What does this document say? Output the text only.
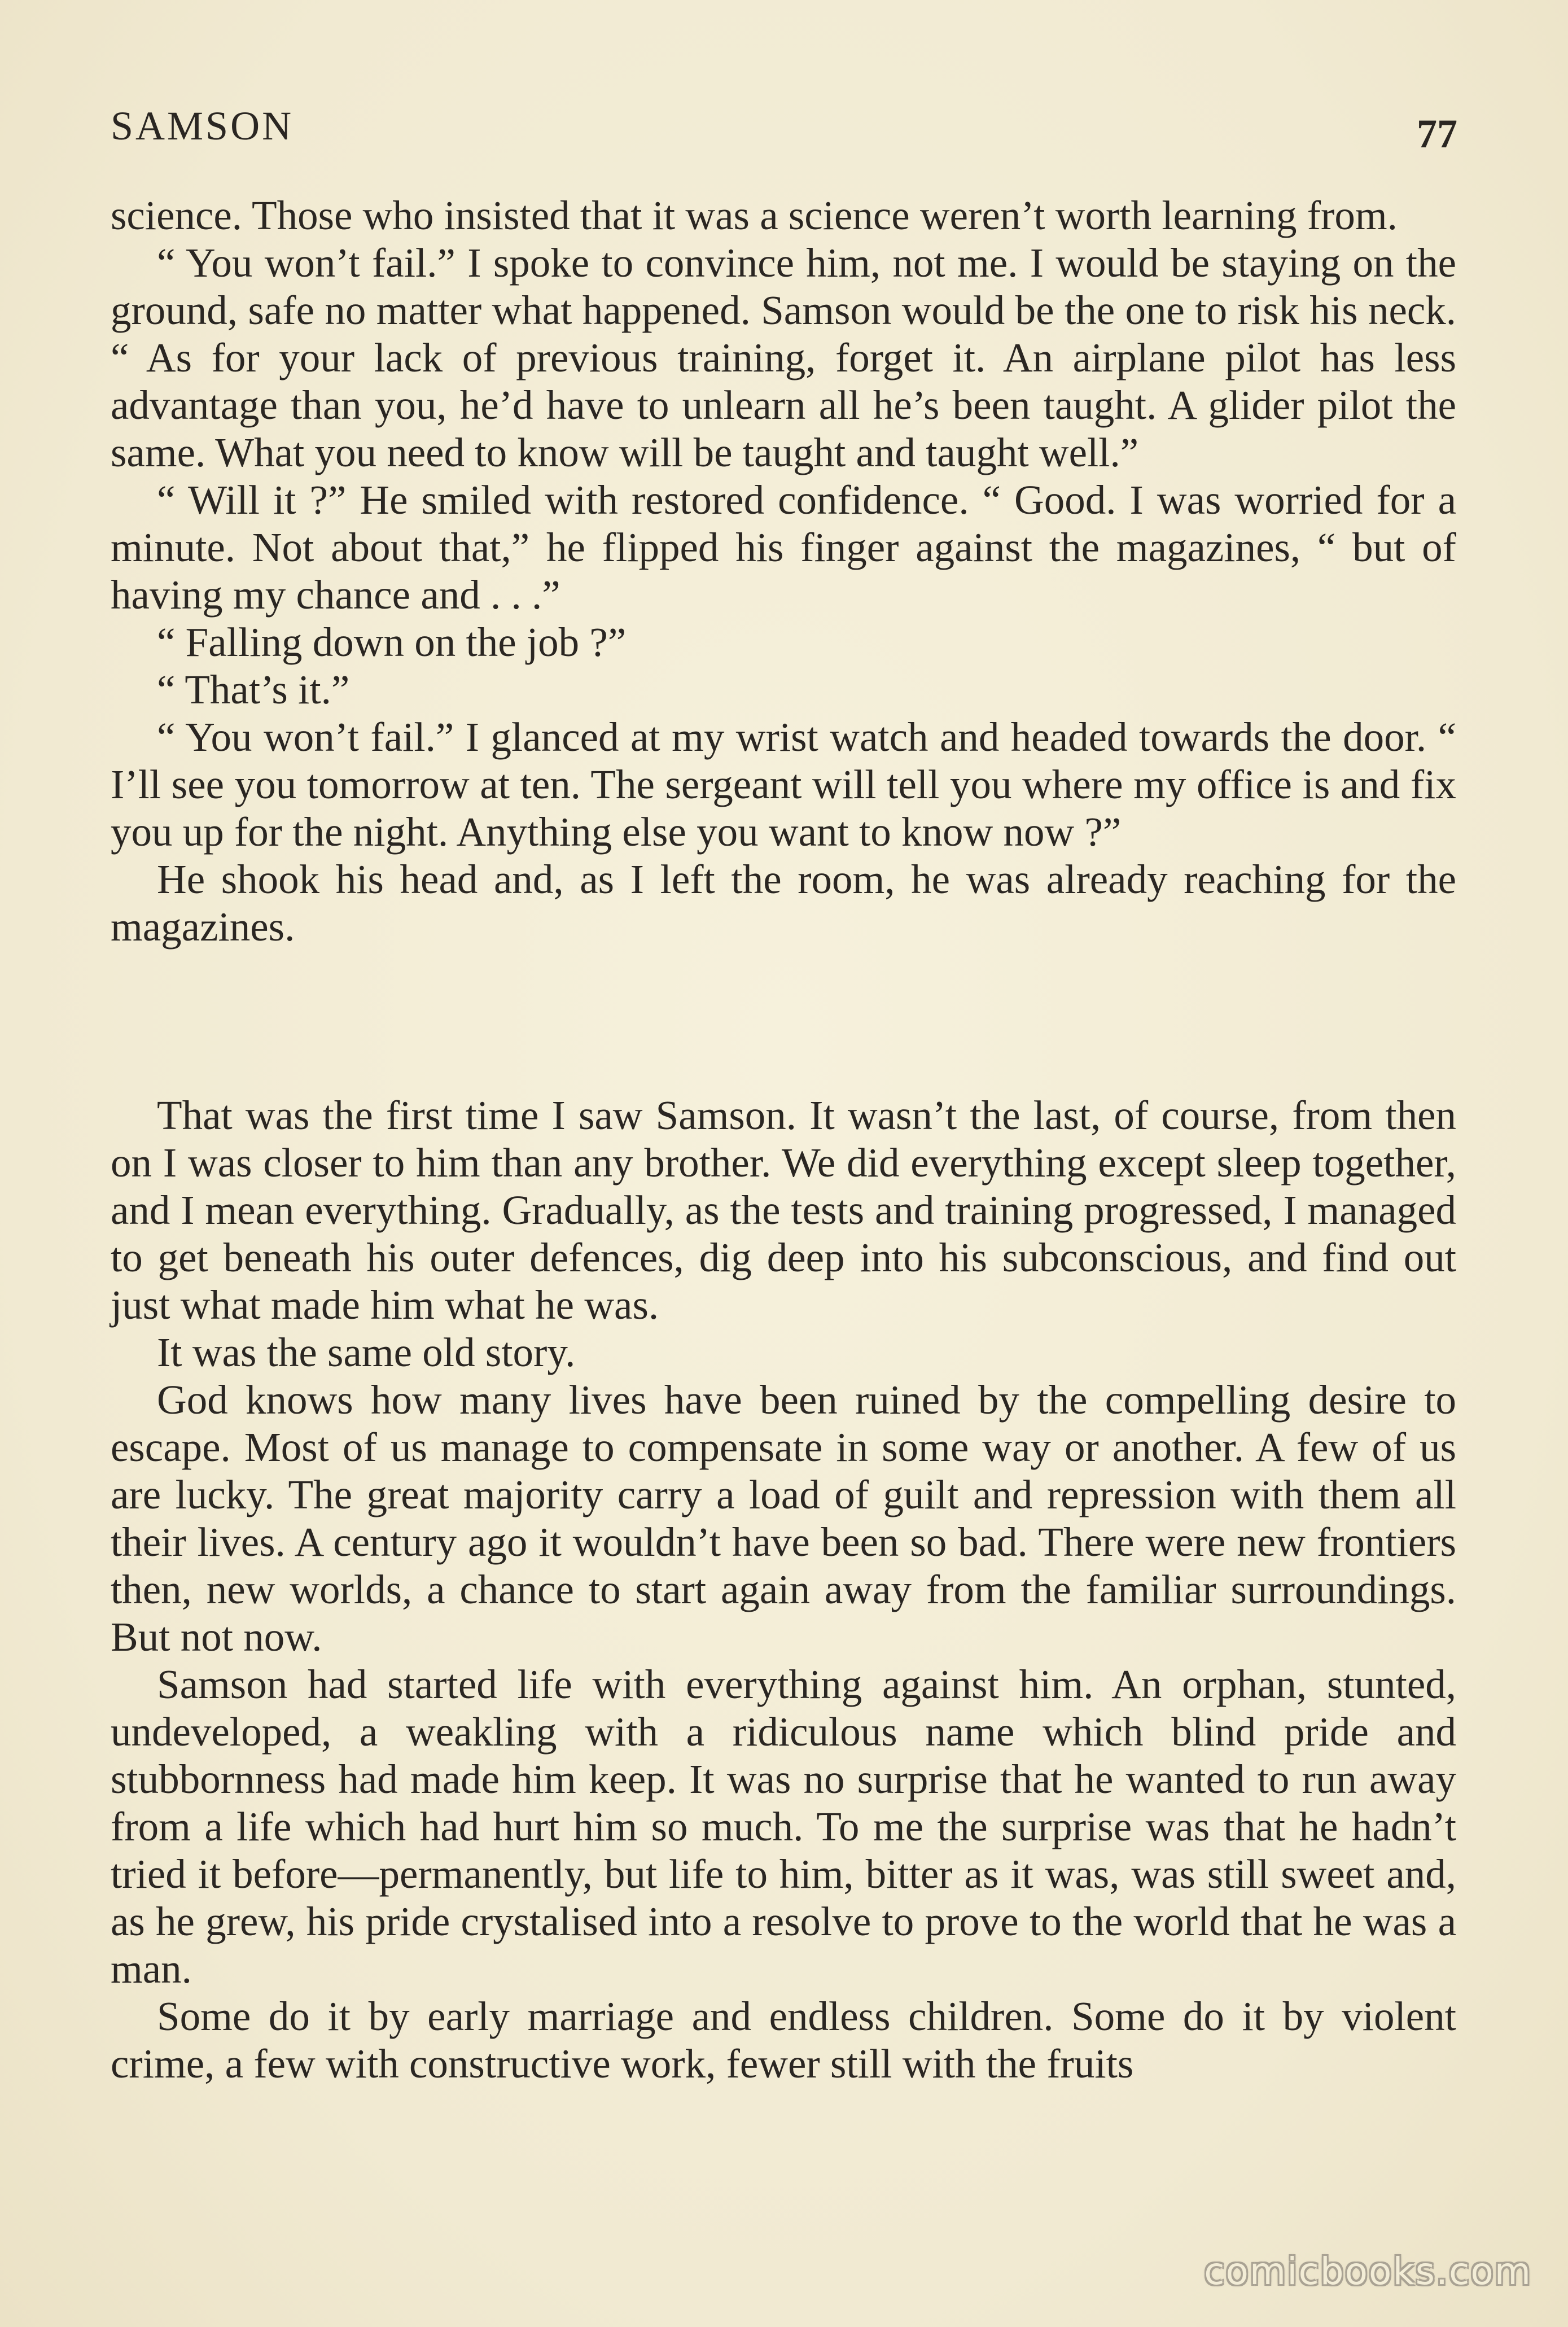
SAMSON	77

science. Those who insisted that it was a science weren’t worth learning from.

“ You won’t fail.” I spoke to convince him, not me. I would be staying on the ground, safe no matter what happened. Samson would be the one to risk his neck. “ As for your lack of previous training, forget it. An airplane pilot has less advantage than you, he’d have to unlearn all he’s been taught. A glider pilot the same. What you need to know will be taught and taught well.”

“ Will it ?” He smiled with restored confidence. “ Good. I was worried for a minute. Not about that,” he flipped his finger against the magazines, “ but of having my chance and . . .”

“ Falling down on the job ?”

“ That’s it.”

“ You won’t fail.” I glanced at my wrist watch and headed towards the door. “ I’ll see you tomorrow at ten. The sergeant will tell you where my office is and fix you up for the night. Anything else you want to know now ?”

He shook his head and, as I left the room, he was already reaching for the magazines.

That was the first time I saw Samson. It wasn’t the last, of course, from then on I was closer to him than any brother. We did everything except sleep together, and I mean everything. Gradually, as the tests and training progressed, I managed to get beneath his outer defences, dig deep into his subconscious, and find out just what made him what he was.

It was the same old story.

God knows how many lives have been ruined by the compelling desire to escape. Most of us manage to compensate in some way or another. A few of us are lucky. The great majority carry a load of guilt and repression with them all their lives. A century ago it wouldn’t have been so bad. There were new frontiers then, new worlds, a chance to start again away from the familiar surroundings. But not now.

Samson had started life with everything against him. An orphan, stunted, undeveloped, a weakling with a ridiculous name which blind pride and stubbornness had made him keep. It was no surprise that he wanted to run away from a life which had hurt him so much. To me the surprise was that he hadn’t tried it before—permanently, but life to him, bitter as it was, was still sweet and, as he grew, his pride crystalised into a resolve to prove to the world that he was a man.

Some do it by early marriage and endless children. Some do it by violent crime, a few with constructive work, fewer still with the fruits

comicbooks.com
